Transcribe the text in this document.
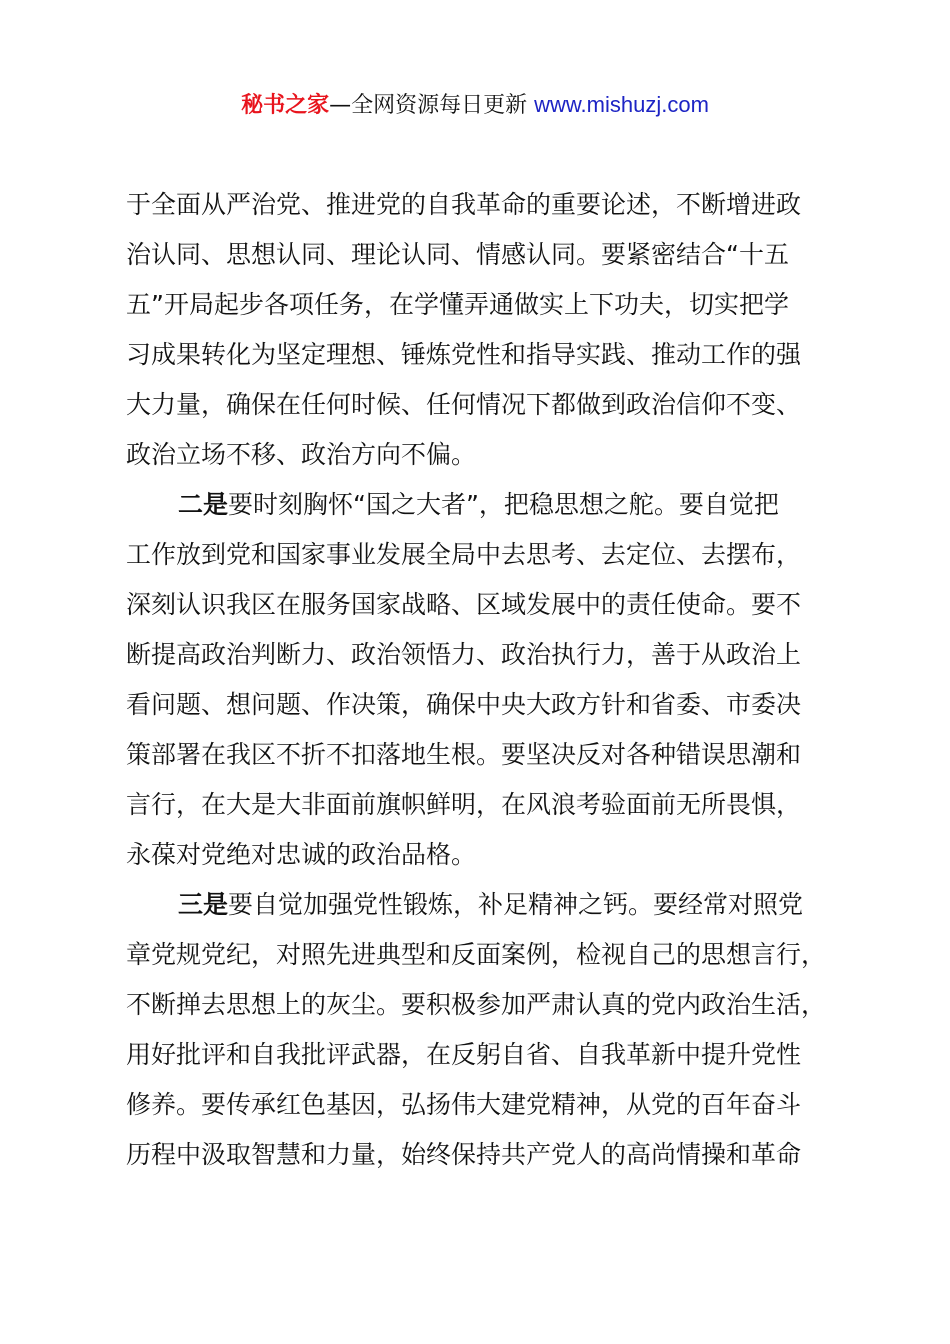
秘书之家—全网资源每日更新 www.mishuzj.com
于全面从严治党、推进党的自我革命的重要论述，不断增进政
治认同、思想认同、理论认同、情感认同。要紧密结合“十五
五”开局起步各项任务，在学懂弄通做实上下功夫，切实把学
习成果转化为坚定理想、锤炼党性和指导实践、推动工作的强
大力量，确保在任何时候、任何情况下都做到政治信仰不变、
政治立场不移、政治方向不偏。
二是要时刻胸怀“国之大者”，把稳思想之舵。要自觉把
工作放到党和国家事业发展全局中去思考、去定位、去摆布，
深刻认识我区在服务国家战略、区域发展中的责任使命。要不
断提高政治判断力、政治领悟力、政治执行力，善于从政治上
看问题、想问题、作决策，确保中央大政方针和省委、市委决
策部署在我区不折不扣落地生根。要坚决反对各种错误思潮和
言行，在大是大非面前旗帜鲜明，在风浪考验面前无所畏惧，
永葆对党绝对忠诚的政治品格。
三是要自觉加强党性锻炼，补足精神之钙。要经常对照党
章党规党纪，对照先进典型和反面案例，检视自己的思想言行，
不断掸去思想上的灰尘。要积极参加严肃认真的党内政治生活，
用好批评和自我批评武器，在反躬自省、自我革新中提升党性
修养。要传承红色基因，弘扬伟大建党精神，从党的百年奋斗
历程中汲取智慧和力量，始终保持共产党人的高尚情操和革命
